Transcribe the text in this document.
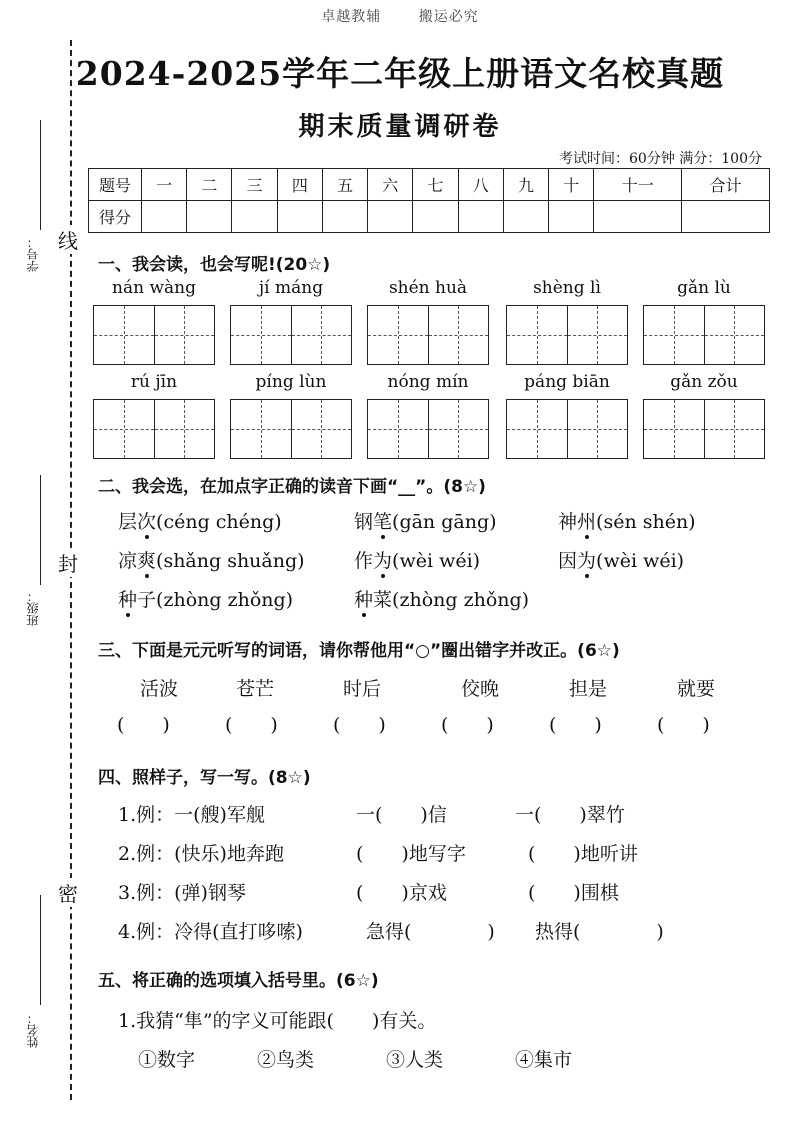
卓越教辅	搬运必究
线
封
密
学号：
班级：
姓名：
2024-2025学年二年级上册语文名校真题
期末质量调研卷
考试时间：60分钟 满分：100分
题号	一	二	三	四	五	六	七	八	九	十	十一	合计
得分												
一、我会读，也会写呢!(20☆)
nán wàng	jí máng	shén huà	shèng lì	gǎn lù
rú jīn	píng lùn	nóng mín	páng biān	gǎn zǒu
二、我会选，在加点字正确的读音下画“__”。(8☆)
层次(céng chéng)	钢笔(gān gāng)	神州(sén shén)
凉爽(shǎng shuǎng)	作为(wèi wéi)	因为(wèi wéi)
种子(zhòng zhǒng)	种菜(zhòng zhǒng)
三、下面是元元听写的词语，请你帮他用“○”圈出错字并改正。(6☆)
活波	苍芒	时后	佼晚	担是	就要
(　　)	(　　)	(　　)	(　　)	(　　)	(　　)
四、照样子，写一写。(8☆)
1.例：一(艘)军舰	一(　　)信	一(　　)翠竹
2.例：(快乐)地奔跑	(　　)地写字	(　　)地听讲
3.例：(弹)钢琴	(　　)京戏	(　　)围棋
4.例：冷得(直打哆嗦)	急得(　　　　) 热得(　　　　)
五、将正确的选项填入括号里。(6☆)
1.我猜“隼”的字义可能跟(　　)有关。
①数字	②鸟类	③人类	④集市
